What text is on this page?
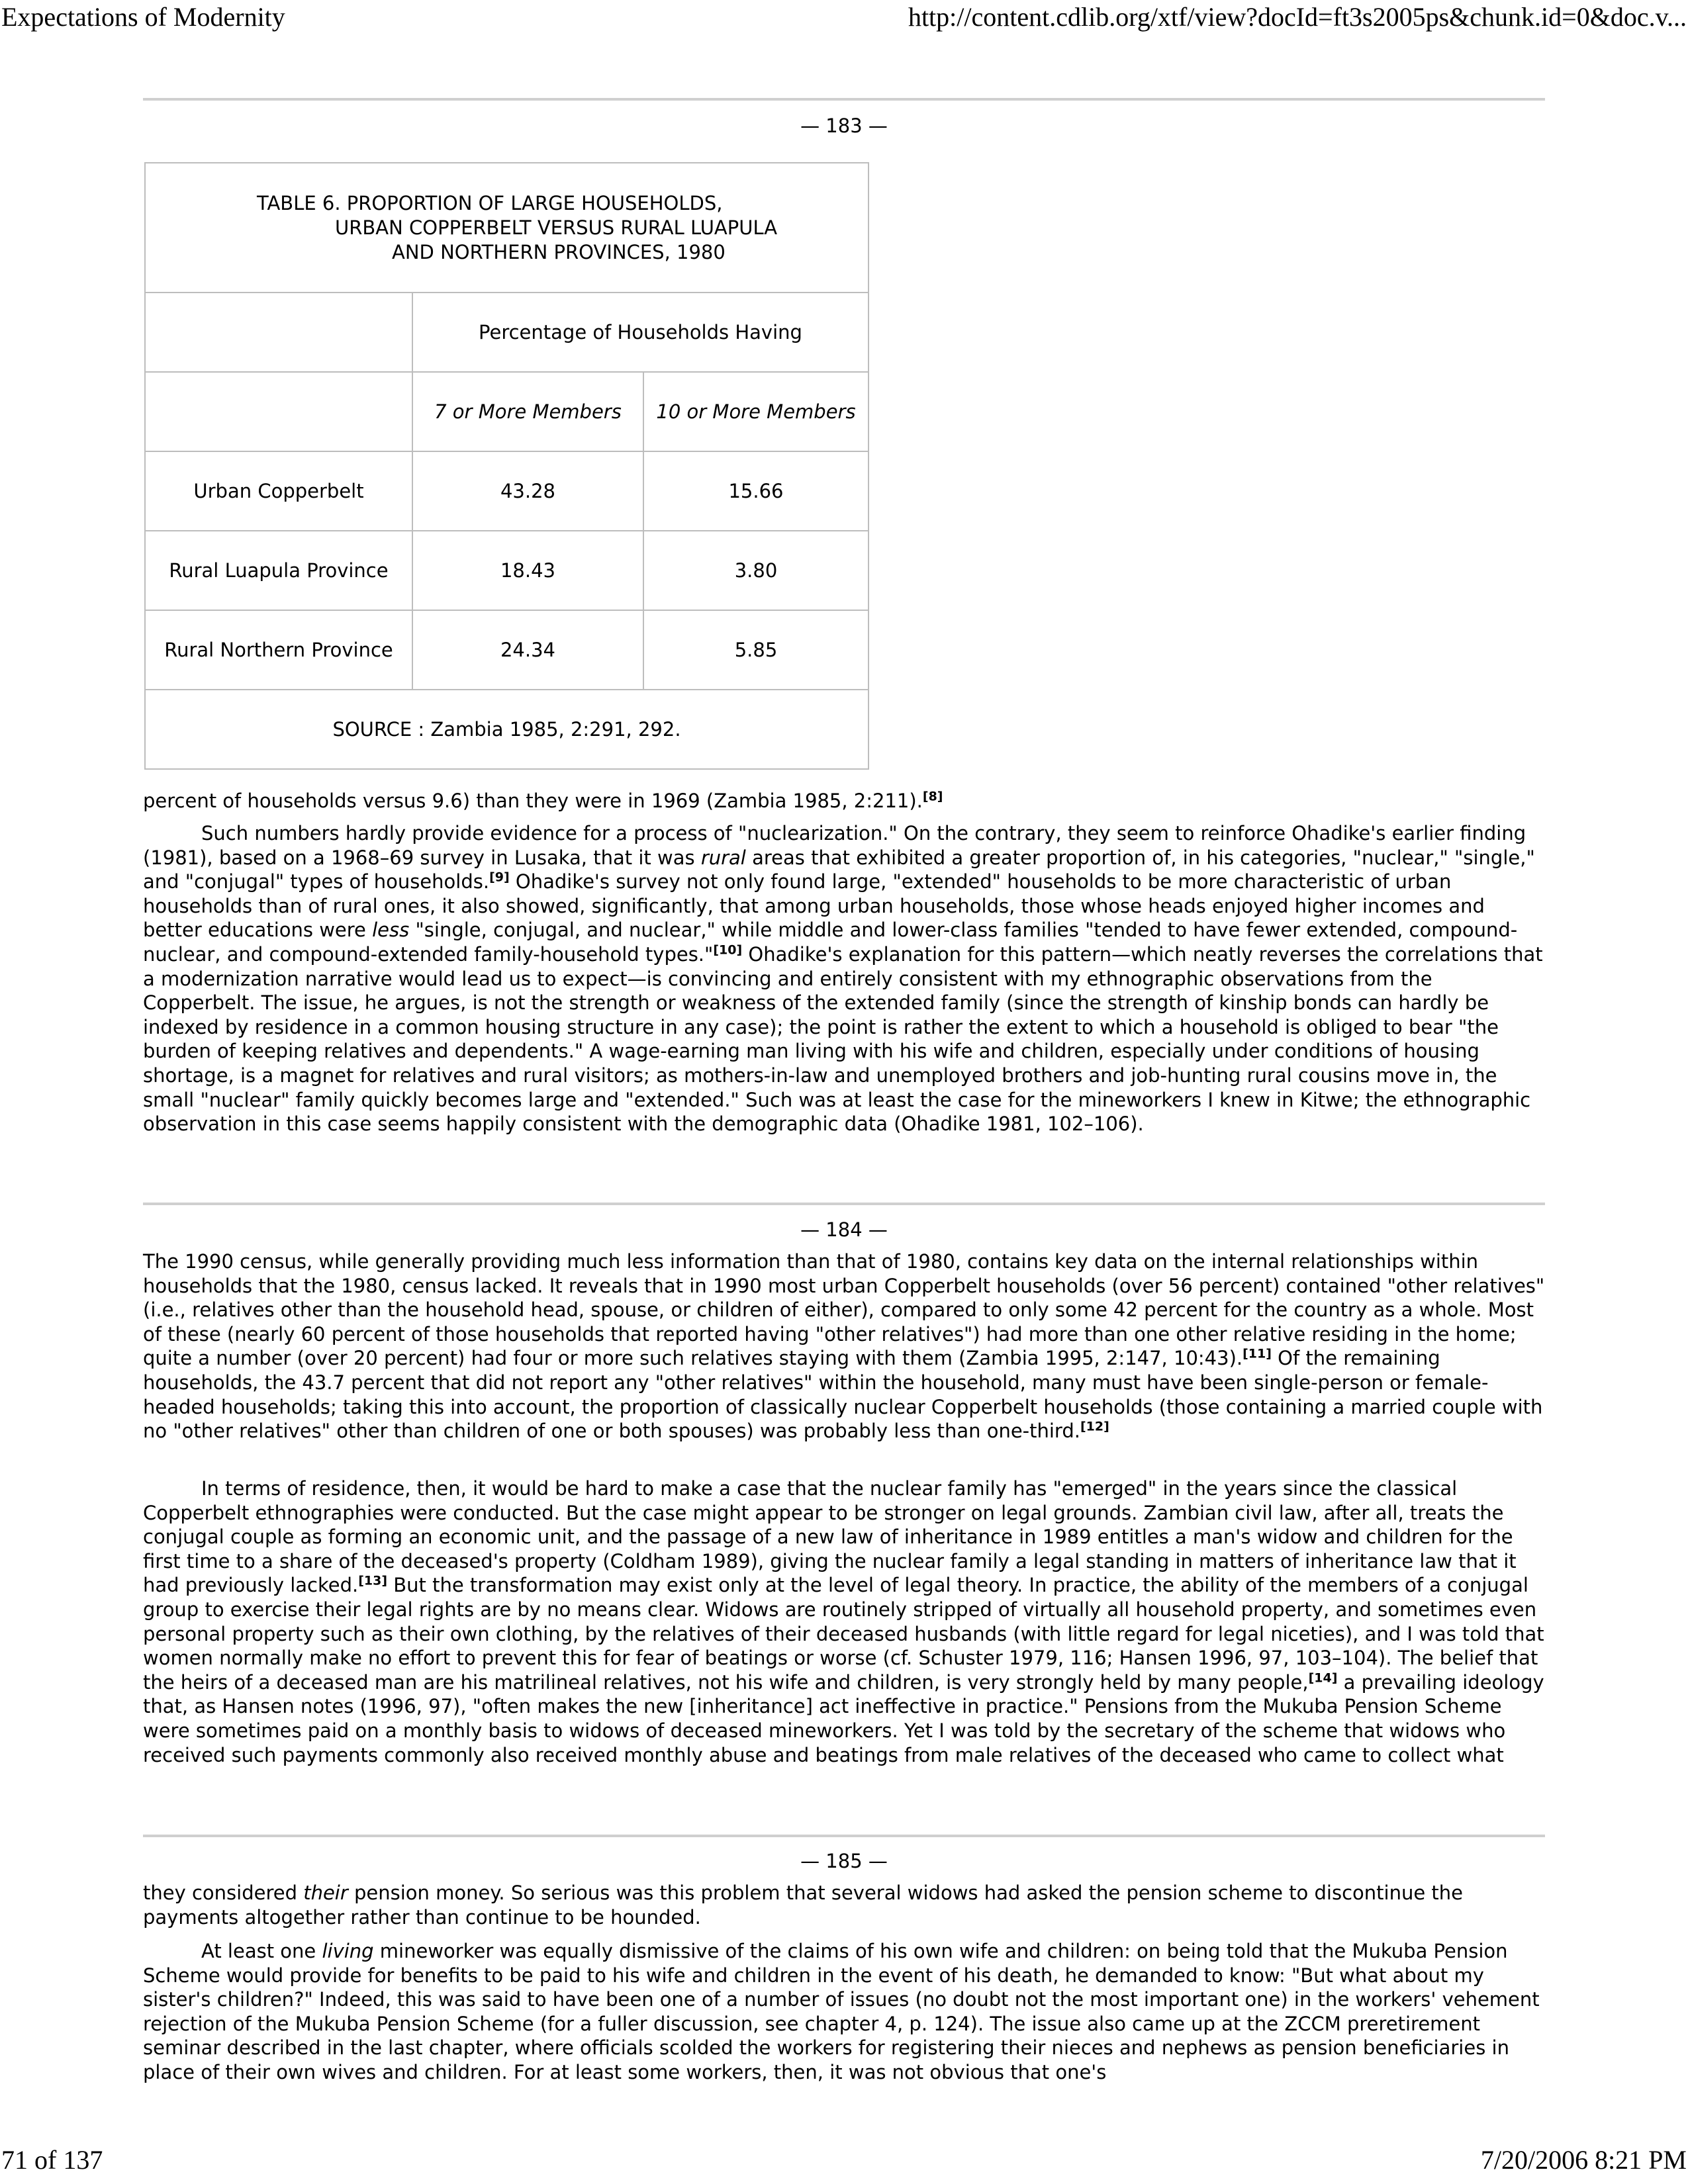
Expectations of Modernity	http://content.cdlib.org/xtf/view?docId=ft3s2005ps&chunk.id=0&doc.v...
— 183 —
TABLE 6. PROPORTION OF LARGE HOUSEHOLDS,
URBAN COPPERBELT VERSUS RURAL LUAPULA
AND NORTHERN PROVINCES, 1980		

	Percentage of Households Having	
	7 or More Members	10 or More Members
Urban Copperbelt	43.28	15.66
Rural Luapula Province	18.43	3.80
Rural Northern Province	24.34	5.85
SOURCE : Zambia 1985, 2:291, 292.		

percent of households versus 9.6) than they were in 1969 (Zambia 1985, 2:211).[8]

Such numbers hardly provide evidence for a process of "nuclearization." On the contrary, they seem to reinforce Ohadike's earlier finding (1981), based on a 1968–69 survey in Lusaka, that it was rural areas that exhibited a greater proportion of, in his categories, "nuclear," "single," and "conjugal" types of households.[9] Ohadike's survey not only found large, "extended" households to be more characteristic of urban households than of rural ones, it also showed, significantly, that among urban households, those whose heads enjoyed higher incomes and better educations were less "single, conjugal, and nuclear," while middle and lower-class families "tended to have fewer extended, compound-nuclear, and compound-extended family-household types."[10] Ohadike's explanation for this pattern—which neatly reverses the correlations that a modernization narrative would lead us to expect—is convincing and entirely consistent with my ethnographic observations from the Copperbelt. The issue, he argues, is not the strength or weakness of the extended family (since the strength of kinship bonds can hardly be indexed by residence in a common housing structure in any case); the point is rather the extent to which a household is obliged to bear "the burden of keeping relatives and dependents." A wage-earning man living with his wife and children, especially under conditions of housing shortage, is a magnet for relatives and rural visitors; as mothers-in-law and unemployed brothers and job-hunting rural cousins move in, the small "nuclear" family quickly becomes large and "extended." Such was at least the case for the mineworkers I knew in Kitwe; the ethnographic observation in this case seems happily consistent with the demographic data (Ohadike 1981, 102–106).

— 184 —

The 1990 census, while generally providing much less information than that of 1980, contains key data on the internal relationships within households that the 1980, census lacked. It reveals that in 1990 most urban Copperbelt households (over 56 percent) contained "other relatives" (i.e., relatives other than the household head, spouse, or children of either), compared to only some 42 percent for the country as a whole. Most of these (nearly 60 percent of those households that reported having "other relatives") had more than one other relative residing in the home; quite a number (over 20 percent) had four or more such relatives staying with them (Zambia 1995, 2:147, 10:43).[11] Of the remaining households, the 43.7 percent that did not report any "other relatives" within the household, many must have been single-person or female-headed households; taking this into account, the proportion of classically nuclear Copperbelt households (those containing a married couple with no "other relatives" other than children of one or both spouses) was probably less than one-third.[12]

In terms of residence, then, it would be hard to make a case that the nuclear family has "emerged" in the years since the classical Copperbelt ethnographies were conducted. But the case might appear to be stronger on legal grounds. Zambian civil law, after all, treats the conjugal couple as forming an economic unit, and the passage of a new law of inheritance in 1989 entitles a man's widow and children for the first time to a share of the deceased's property (Coldham 1989), giving the nuclear family a legal standing in matters of inheritance law that it had previously lacked.[13] But the transformation may exist only at the level of legal theory. In practice, the ability of the members of a conjugal group to exercise their legal rights are by no means clear. Widows are routinely stripped of virtually all household property, and sometimes even personal property such as their own clothing, by the relatives of their deceased husbands (with little regard for legal niceties), and I was told that women normally make no effort to prevent this for fear of beatings or worse (cf. Schuster 1979, 116; Hansen 1996, 97, 103–104). The belief that the heirs of a deceased man are his matrilineal relatives, not his wife and children, is very strongly held by many people,[14] a prevailing ideology that, as Hansen notes (1996, 97), "often makes the new [inheritance] act ineffective in practice." Pensions from the Mukuba Pension Scheme were sometimes paid on a monthly basis to widows of deceased mineworkers. Yet I was told by the secretary of the scheme that widows who received such payments commonly also received monthly abuse and beatings from male relatives of the deceased who came to collect what

— 185 —

they considered their pension money. So serious was this problem that several widows had asked the pension scheme to discontinue the payments altogether rather than continue to be hounded.

At least one living mineworker was equally dismissive of the claims of his own wife and children: on being told that the Mukuba Pension Scheme would provide for benefits to be paid to his wife and children in the event of his death, he demanded to know: "But what about my sister's children?" Indeed, this was said to have been one of a number of issues (no doubt not the most important one) in the workers' vehement rejection of the Mukuba Pension Scheme (for a fuller discussion, see chapter 4, p. 124). The issue also came up at the ZCCM preretirement seminar described in the last chapter, where officials scolded the workers for registering their nieces and nephews as pension beneficiaries in place of their own wives and children. For at least some workers, then, it was not obvious that one's

71 of 137	7/20/2006 8:21 PM
